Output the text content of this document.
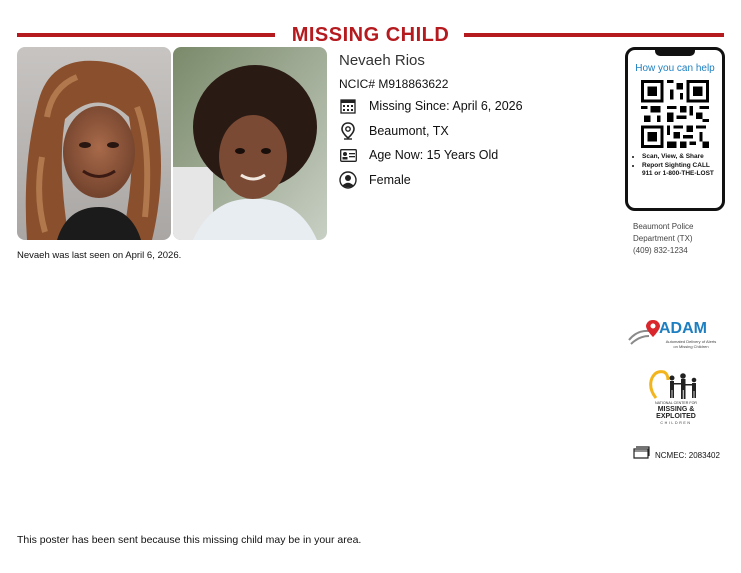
MISSING CHILD
Nevaeh Rios
NCIC# M918863622
Missing Since: April 6, 2026
Beaumont, TX
Age Now: 15 Years Old
Female
Nevaeh was last seen on April 6, 2026.
How you can help
• Scan, View, & Share
• Report Sighting CALL 911 or 1-800-THE-LOST
Beaumont Police
Department (TX)
(409) 832-1234
ADAM
Automated Delivery of Alerts
on Missing Children
NATIONAL CENTER FOR
MISSING &
EXPLOITED
CHILDREN
NCMEC: 2083402
This poster has been sent because this missing child may be in your area.
